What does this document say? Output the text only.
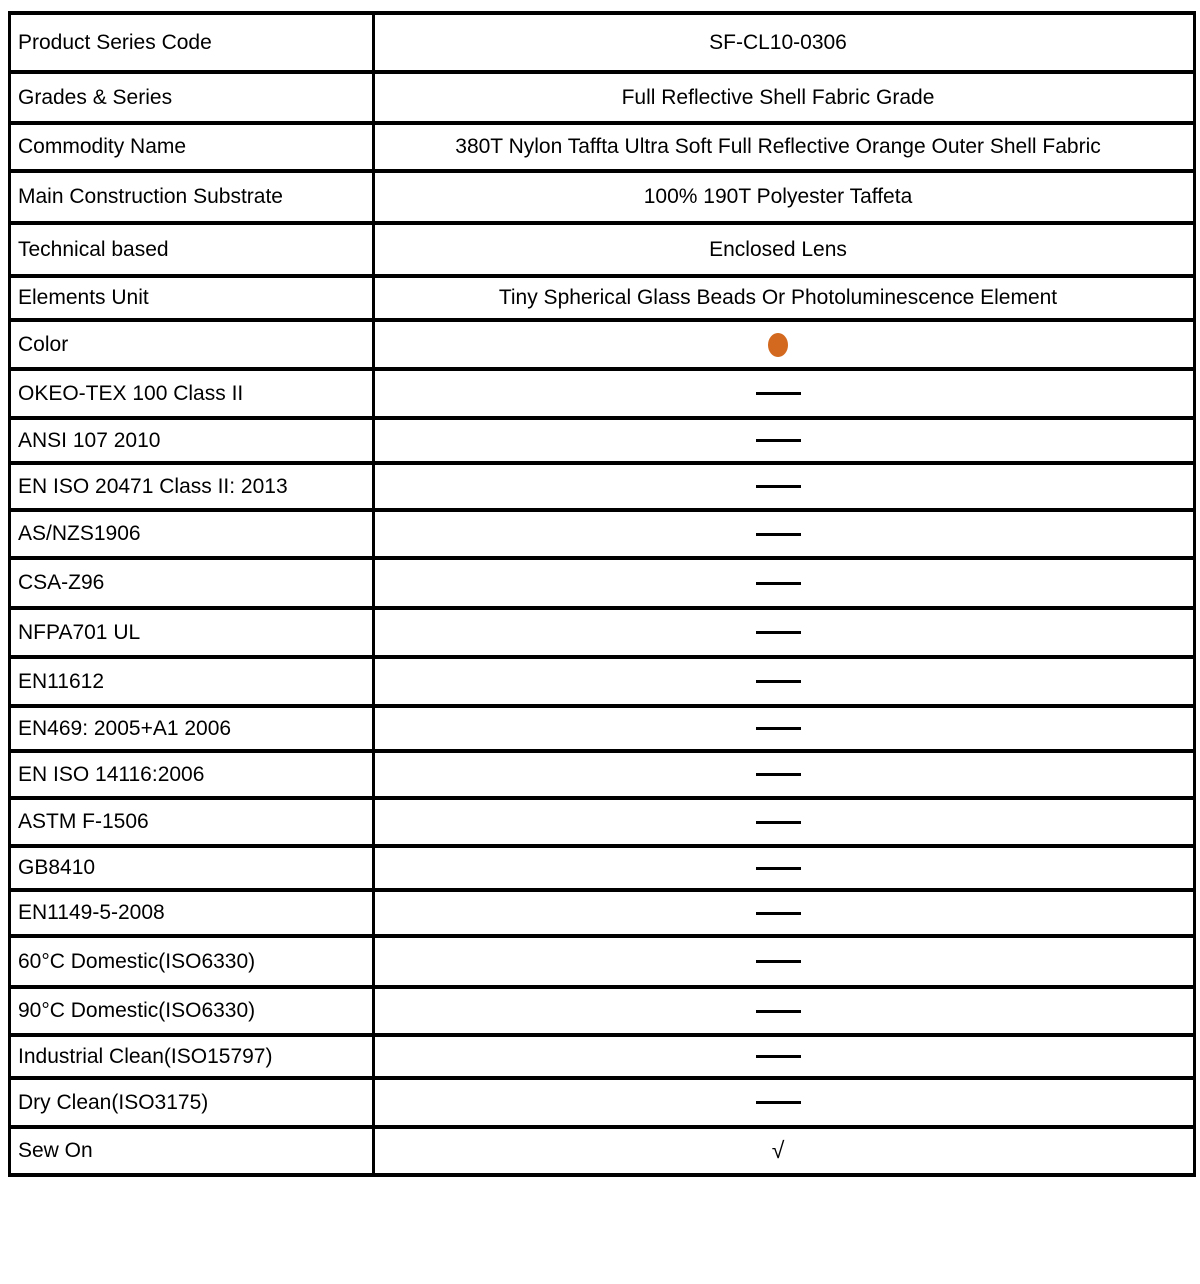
Product Series Code	SF-CL10-0306
Grades & Series	Full Reflective Shell Fabric Grade
Commodity Name	380T Nylon Taffta Ultra Soft Full Reflective Orange Outer Shell Fabric
Main Construction Substrate	100% 190T Polyester Taffeta
Technical based	Enclosed Lens
Elements Unit	Tiny Spherical Glass Beads Or Photoluminescence Element
Color	
OKEO-TEX 100 Class II	
ANSI 107 2010	
EN ISO 20471 Class II: 2013	
AS/NZS1906	
CSA-Z96	
NFPA701 UL	
EN11612	
EN469: 2005+A1 2006	
EN ISO 14116:2006	
ASTM F-1506	
GB8410	
EN1149-5-2008	
60°C Domestic(ISO6330)	
90°C Domestic(ISO6330)	
Industrial Clean(ISO15797)	
Dry Clean(ISO3175)	
Sew On	√
